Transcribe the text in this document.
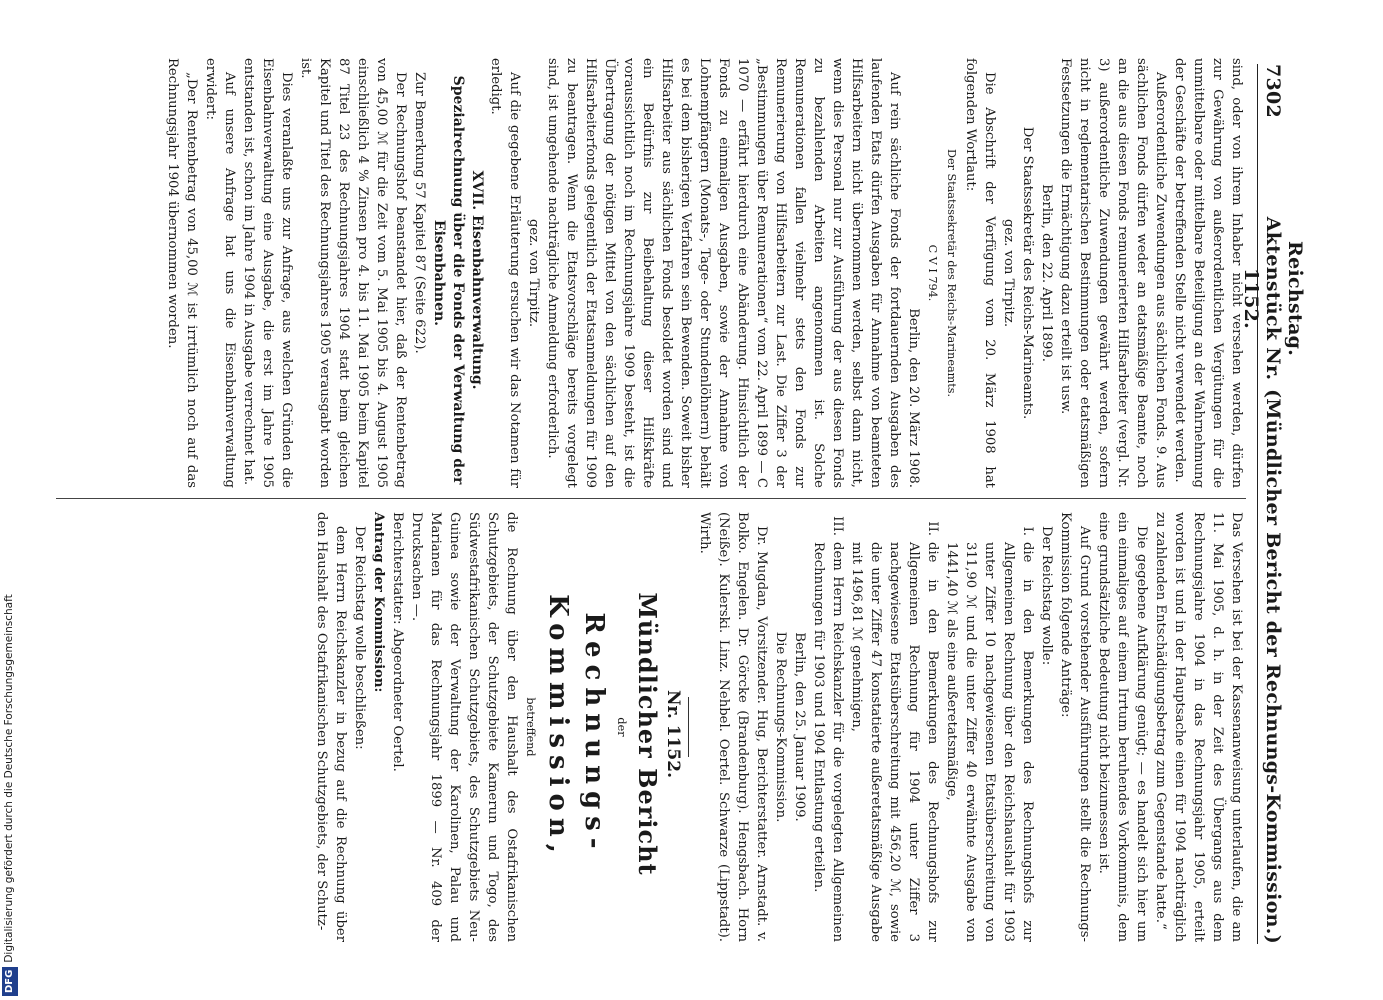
7302
Reichstag. Aktenstück Nr. 1152.
(Mündlicher Bericht der Rechnungs-Kommission.)

sind, oder von ihrem Inhaber nicht versehen werden, dürfen zur Gewährung von außerordentlichen Vergütungen für die unmittelbare oder mittelbare Beteiligung an der Wahrnehmung der Geschäfte der betreffenden Stelle nicht verwendet werden.

Außerordentliche Zuwendungen aus sächlichen Fonds. 9. Aus sächlichen Fonds dürfen weder an etatsmäßige Beamte, noch an die aus diesen Fonds remunerierten Hilfsarbeiter (vergl. Nr. 3) außerordentliche Zuwendungen gewährt werden, sofern nicht in reglementarischen Bestimmungen oder etatsmäßigen Festsetzungen die Ermächtigung dazu erteilt ist usw.

Berlin, den 22. April 1899.

Der Staatssekretär des Reichs-Marineamts.

gez. von Tirpitz.

Die Abschrift der Verfügung vom 20. März 1908 hat folgenden Wortlaut:

Der Staatssekretär des Reichs-Marineamts.

C V I 794.

Berlin, den 20. März 1908.

Auf rein sächliche Fonds der fortdauernden Ausgaben des laufenden Etats dürfen Ausgaben für Annahme von beamteten Hilfsarbeitern nicht übernommen werden, selbst dann nicht, wenn dies Personal nur zur Ausführung der aus diesen Fonds zu bezahlenden Arbeiten angenommen ist. Solche Remunerationen fallen vielmehr stets den Fonds zur Remunerierung von Hilfsarbeitern zur Last. Die Ziffer 3 der „Bestimmungen über Remunerationen“ vom 22. April 1899 — C 1070 — erfährt hierdurch eine Abänderung. Hinsichtlich der Fonds zu einmaligen Ausgaben, sowie der Annahme von Lohnempfängern (Monats-, Tage- oder Stundenlöhnern) behält es bei dem bisherigen Verfahren sein Bewenden. Soweit bisher Hilfsarbeiter aus sächlichen Fonds besoldet worden sind und ein Bedürfnis zur Beibehaltung dieser Hilfskräfte voraussichtlich noch im Rechnungsjahre 1909 besteht, ist die Übertragung der nötigen Mittel von den sächlichen auf den Hilfsarbeiterfonds gelegentlich der Etatsanmeldungen für 1909 zu beantragen. Wenn die Etatsvorschläge bereits vorgelegt sind, ist umgehende nachträgliche Anmeldung erforderlich.

gez. von Tirpitz.

Auf die gegebene Erläuterung ersuchen wir das Notamen für erledigt.

XVII. Eisenbahnverwaltung.

Spezialrechnung über die Fonds der Verwaltung der Eisenbahnen.

Zur Bemerkung 57 Kapitel 87 (Seite 622).

Der Rechnungshof beanstandet hier, daß der Rentenbetrag von 45,00 ℳ für die Zeit vom 5. Mai 1905 bis 4. August 1905 einschließlich 4 % Zinsen pro 4. bis 11. Mai 1905 beim Kapitel 87 Titel 23 des Rechnungsjahres 1904 statt beim gleichen Kapitel und Titel des Rechnungsjahres 1905 verausgabt worden ist.

Dies veranlaßte uns zur Anfrage, aus welchen Gründen die Eisenbahnverwaltung eine Ausgabe, die erst im Jahre 1905 entstanden ist, schon im Jahre 1904 in Ausgabe verrechnet hat.

Auf unsere Anfrage hat uns die Eisenbahnverwaltung erwidert:

„Der Rentenbetrag von 45,00 ℳ ist irrtümlich noch auf das Rechnungsjahr 1904 übernommen worden.

Das Versehen ist bei der Kassenanweisung unterlaufen, die am 11. Mai 1905, d. h. in der Zeit des Übergangs aus dem Rechnungsjahre 1904 in das Rechnungsjahr 1905, erteilt worden ist und in der Hauptsache einen für 1904 nachträglich zu zahlenden Entschädigungsbetrag zum Gegenstande hatte.“

Die gegebene Aufklärung genügt; — es handelt sich hier um ein einmaliges auf einem Irrtum beruhendes Vorkommnis, dem eine grundsätzliche Bedeutung nicht beizumessen ist.

Auf Grund vorstehender Ausführungen stellt die Rechnungs-Kommission folgende Anträge:

Der Reichstag wolle:

I.
die in den Bemerkungen des Rechnungshofs zur Allgemeinen Rechnung über den Reichshaushalt für 1903 unter Ziffer 10 nachgewiesenen Etatsüberschreitung von 311,90 ℳ und die unter Ziffer 40 erwähnte Ausgabe von 1441,40 ℳ als eine außeretatsmäßige,
II.
die in den Bemerkungen des Rechnungshofs zur Allgemeinen Rechnung für 1904 unter Ziffer 3 nachgewiesene Etatsüberschreitung mit 456,20 ℳ, sowie die unter Ziffer 47 konstatierte außeretatsmäßige Ausgabe mit 1496,81 ℳ genehmigen,
III.
dem Herrn Reichskanzler für die vorgelegten Allgemeinen Rechnungen für 1903 und 1904 Entlastung erteilen.

Berlin, den 25. Januar 1909.

Die Rechnungs-Kommission.

Dr. Mugdan, Vorsitzender. Hug, Berichterstatter. Arnstadt. v. Bolko. Engelen. Dr. Görcke (Brandenburg). Hengsbach. Horn (Neiße). Kulerski. Linz. Nehbel. Oertel. Schwarze (Lippstadt). Wirth.

Nr. 1152.

Mündlicher Bericht

der

Rechnungs-Kommission,

betreffend

die Rechnung über den Haushalt des Ostafrikanischen Schutzgebiets, der Schutzgebiete Kamerun und Togo, des Südwestafrikanischen Schutzgebiets, des Schutzgebiets Neu-Guinea sowie der Verwaltung der Karolinen, Palau und Marianen für das Rechnungsjahr 1899 — Nr. 409 der Drucksachen —.

Berichterstatter: Abgeordneter Oertel.

Antrag der Kommission:

Der Reichstag wolle beschließen:

dem Herrn Reichskanzler in bezug auf die Rechnung über den Haushalt des Ostafrikanischen Schutzgebiets, der Schutz-

DFGDigitalisierung gefördert durch die Deutsche Forschungsgemeinschaft
